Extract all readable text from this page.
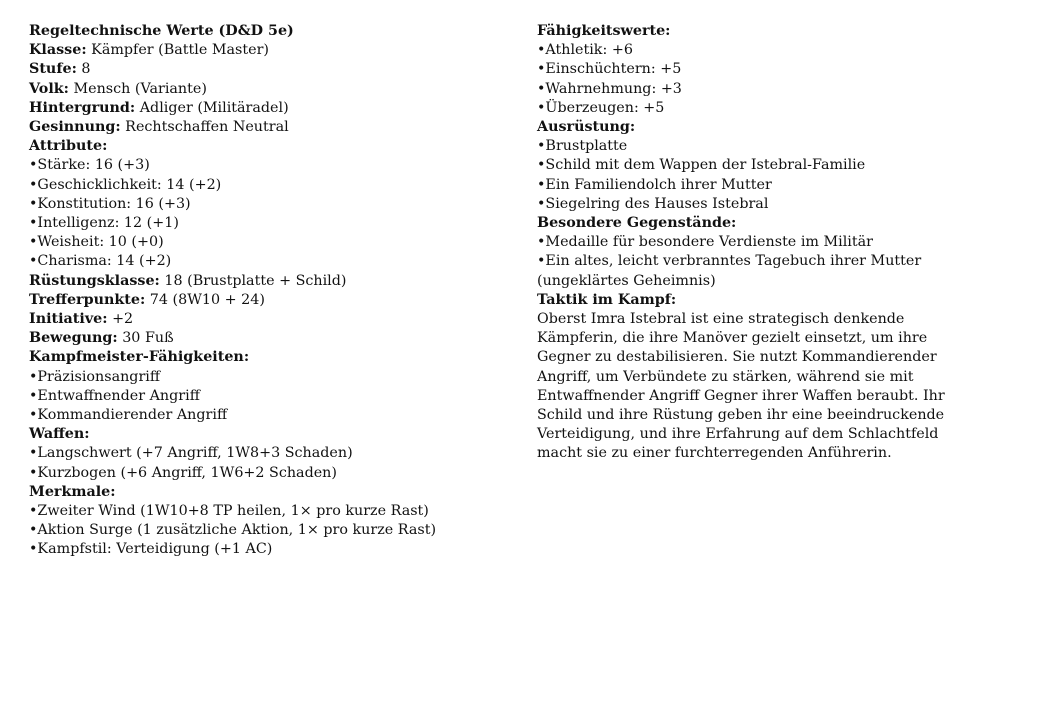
Regeltechnische Werte (D&D 5e)
Klasse: Kämpfer (Battle Master)
Stufe: 8
Volk: Mensch (Variante)
Hintergrund: Adliger (Militäradel)
Gesinnung: Rechtschaffen Neutral
Attribute:
•Stärke: 16 (+3)
•Geschicklichkeit: 14 (+2)
•Konstitution: 16 (+3)
•Intelligenz: 12 (+1)
•Weisheit: 10 (+0)
•Charisma: 14 (+2)
Rüstungsklasse: 18 (Brustplatte + Schild)
Trefferpunkte: 74 (8W10 + 24)
Initiative: +2
Bewegung: 30 Fuß
Kampfmeister-Fähigkeiten:
•Präzisionsangriff
•Entwaffnender Angriff
•Kommandierender Angriff
Waffen:
•Langschwert (+7 Angriff, 1W8+3 Schaden)
•Kurzbogen (+6 Angriff, 1W6+2 Schaden)
Merkmale:
•Zweiter Wind (1W10+8 TP heilen, 1× pro kurze Rast)
•Aktion Surge (1 zusätzliche Aktion, 1× pro kurze Rast)
•Kampfstil: Verteidigung (+1 AC)
Fähigkeitswerte:
•Athletik: +6
•Einschüchtern: +5
•Wahrnehmung: +3
•Überzeugen: +5
Ausrüstung:
•Brustplatte
•Schild mit dem Wappen der Istebral-Familie
•Ein Familiendolch ihrer Mutter
•Siegelring des Hauses Istebral
Besondere Gegenstände:
•Medaille für besondere Verdienste im Militär
•Ein altes, leicht verbranntes Tagebuch ihrer Mutter
(ungeklärtes Geheimnis)
Taktik im Kampf:
Oberst Imra Istebral ist eine strategisch denkende
Kämpferin, die ihre Manöver gezielt einsetzt, um ihre
Gegner zu destabilisieren. Sie nutzt Kommandierender
Angriff, um Verbündete zu stärken, während sie mit
Entwaffnender Angriff Gegner ihrer Waffen beraubt. Ihr
Schild und ihre Rüstung geben ihr eine beeindruckende
Verteidigung, und ihre Erfahrung auf dem Schlachtfeld
macht sie zu einer furchterregenden Anführerin.
